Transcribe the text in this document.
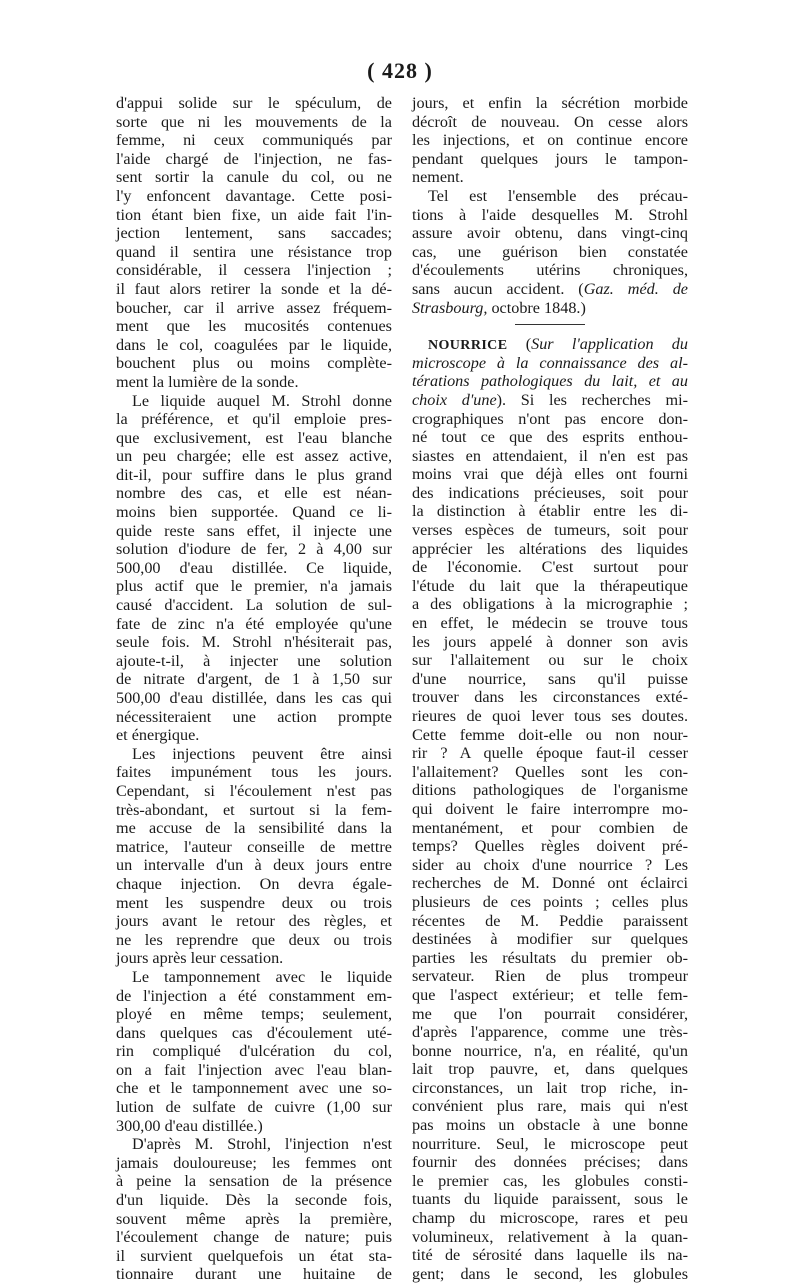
( 428 )
d'appui solide sur le spéculum, de
sorte que ni les mouvements de la
femme, ni ceux communiqués par
l'aide chargé de l'injection, ne fas-
sent sortir la canule du col, ou ne
l'y enfoncent davantage. Cette posi-
tion étant bien fixe, un aide fait l'in-
jection lentement, sans saccades;
quand il sentira une résistance trop
considérable, il cessera l'injection ;
il faut alors retirer la sonde et la dé-
boucher, car il arrive assez fréquem-
ment que les mucosités contenues
dans le col, coagulées par le liquide,
bouchent plus ou moins complète-
ment la lumière de la sonde.
Le liquide auquel M. Strohl donne
la préférence, et qu'il emploie pres-
que exclusivement, est l'eau blanche
un peu chargée; elle est assez active,
dit-il, pour suffire dans le plus grand
nombre des cas, et elle est néan-
moins bien supportée. Quand ce li-
quide reste sans effet, il injecte une
solution d'iodure de fer, 2 à 4,00 sur
500,00 d'eau distillée. Ce liquide,
plus actif que le premier, n'a jamais
causé d'accident. La solution de sul-
fate de zinc n'a été employée qu'une
seule fois. M. Strohl n'hésiterait pas,
ajoute-t-il, à injecter une solution
de nitrate d'argent, de 1 à 1,50 sur
500,00 d'eau distillée, dans les cas qui
nécessiteraient une action prompte
et énergique.
Les injections peuvent être ainsi
faites impunément tous les jours.
Cependant, si l'écoulement n'est pas
très-abondant, et surtout si la fem-
me accuse de la sensibilité dans la
matrice, l'auteur conseille de mettre
un intervalle d'un à deux jours entre
chaque injection. On devra égale-
ment les suspendre deux ou trois
jours avant le retour des règles, et
ne les reprendre que deux ou trois
jours après leur cessation.
Le tamponnement avec le liquide
de l'injection a été constamment em-
ployé en même temps; seulement,
dans quelques cas d'écoulement uté-
rin compliqué d'ulcération du col,
on a fait l'injection avec l'eau blan-
che et le tamponnement avec une so-
lution de sulfate de cuivre (1,00 sur
300,00 d'eau distillée.)
D'après M. Strohl, l'injection n'est
jamais douloureuse; les femmes ont
à peine la sensation de la présence
d'un liquide. Dès la seconde fois,
souvent même après la première,
l'écoulement change de nature; puis
il survient quelquefois un état sta-
tionnaire durant une huitaine de
jours, et enfin la sécrétion morbide
décroît de nouveau. On cesse alors
les injections, et on continue encore
pendant quelques jours le tampon-
nement.
Tel est l'ensemble des précau-
tions à l'aide desquelles M. Strohl
assure avoir obtenu, dans vingt-cinq
cas, une guérison bien constatée
d'écoulements utérins chroniques,
sans aucun accident. (Gaz. méd. de
Strasbourg, octobre 1848.)
NOURRICE (Sur l'application du
microscope à la connaissance des al-
térations pathologiques du lait, et au
choix d'une). Si les recherches mi-
crographiques n'ont pas encore don-
né tout ce que des esprits enthou-
siastes en attendaient, il n'en est pas
moins vrai que déjà elles ont fourni
des indications précieuses, soit pour
la distinction à établir entre les di-
verses espèces de tumeurs, soit pour
apprécier les altérations des liquides
de l'économie. C'est surtout pour
l'étude du lait que la thérapeutique
a des obligations à la micrographie ;
en effet, le médecin se trouve tous
les jours appelé à donner son avis
sur l'allaitement ou sur le choix
d'une nourrice, sans qu'il puisse
trouver dans les circonstances exté-
rieures de quoi lever tous ses doutes.
Cette femme doit-elle ou non nour-
rir ? A quelle époque faut-il cesser
l'allaitement? Quelles sont les con-
ditions pathologiques de l'organisme
qui doivent le faire interrompre mo-
mentanément, et pour combien de
temps? Quelles règles doivent pré-
sider au choix d'une nourrice ? Les
recherches de M. Donné ont éclairci
plusieurs de ces points ; celles plus
récentes de M. Peddie paraissent
destinées à modifier sur quelques
parties les résultats du premier ob-
servateur. Rien de plus trompeur
que l'aspect extérieur; et telle fem-
me que l'on pourrait considérer,
d'après l'apparence, comme une très-
bonne nourrice, n'a, en réalité, qu'un
lait trop pauvre, et, dans quelques
circonstances, un lait trop riche, in-
convénient plus rare, mais qui n'est
pas moins un obstacle à une bonne
nourriture. Seul, le microscope peut
fournir des données précises; dans
le premier cas, les globules consti-
tuants du liquide paraissent, sous le
champ du microscope, rares et peu
volumineux, relativement à la quan-
tité de sérosité dans laquelle ils na-
gent; dans le second, les globules
